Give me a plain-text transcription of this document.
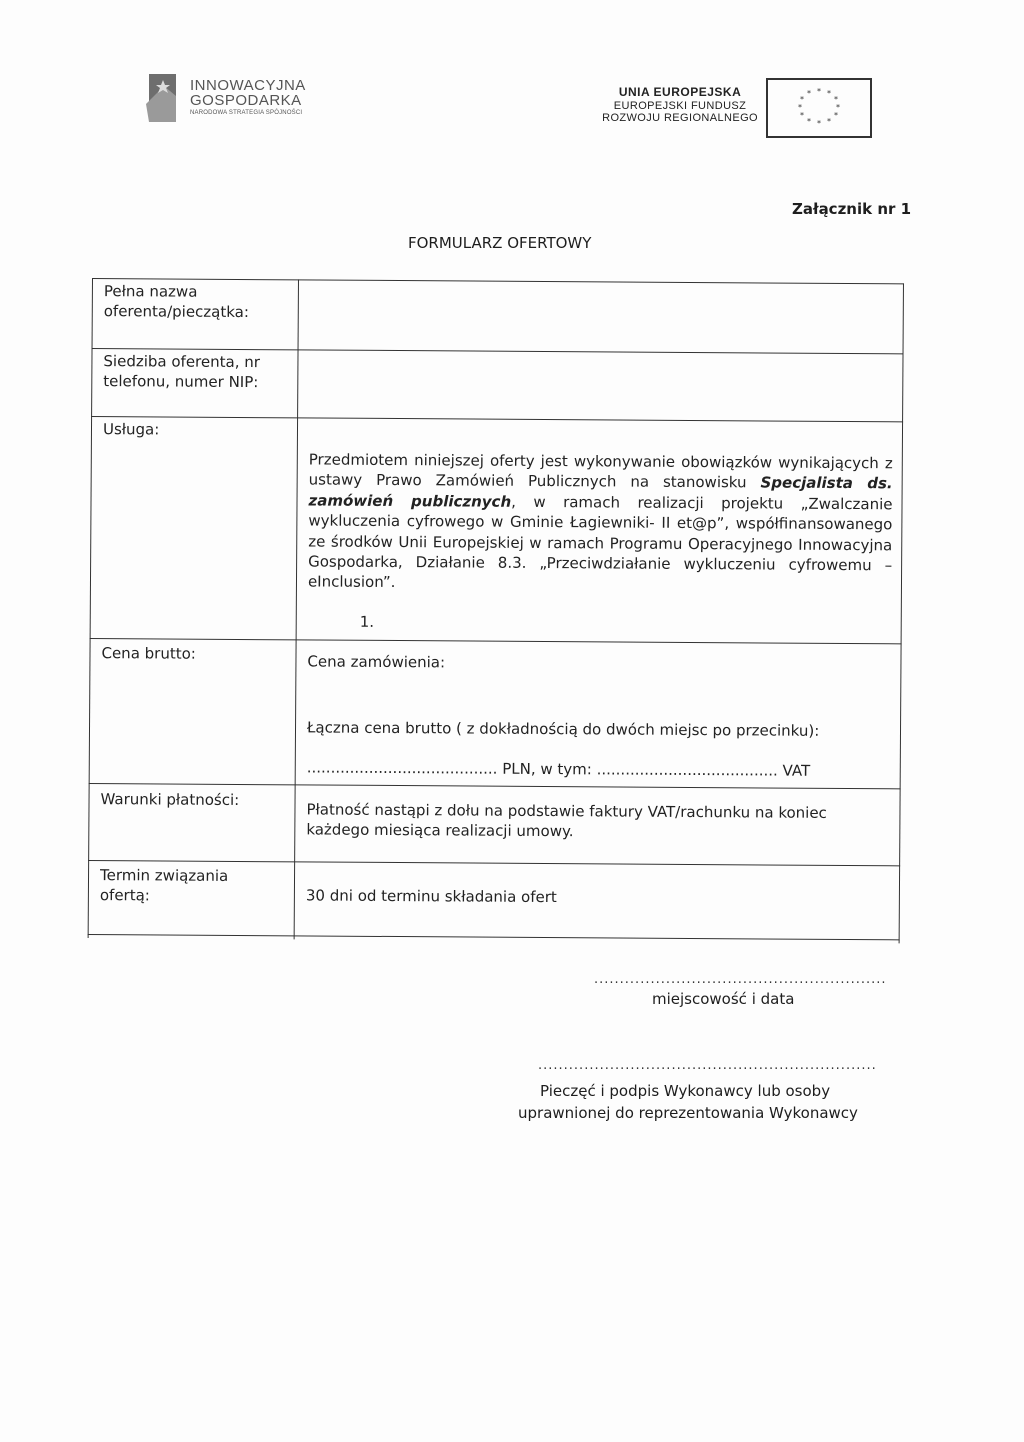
INNOWACYJNA
GOSPODARKA
NARODOWA STRATEGIA SPÓJNOŚCI
UNIA EUROPEJSKA
EUROPEJSKI FUNDUSZ
ROZWOJU REGIONALNEGO
* *
*
*
*
*
*
*
*
*
*
*
Załącznik nr 1
FORMULARZ OFERTOWY
Pełna nazwa oferenta/pieczątka:
Siedziba oferenta, nr telefonu, numer NIP:
Usługa:
Przedmiotem niniejszej oferty jest wykonywanie obowiązków wynikających z ustawy Prawo Zamówień Publicznych na stanowisku Specjalista ds. zamówień publicznych, w ramach realizacji projektu „Zwalczanie wykluczenia cyfrowego w Gminie Łagiewniki- II et@p”, współfinansowanego ze środków Unii Europejskiej w ramach Programu Operacyjnego Innowacyjna Gospodarka, Działanie 8.3. „Przeciwdziałanie wykluczeniu cyfrowemu – eInclusion”.
1.
Cena brutto:	Cena zamówienia:
Łączna cena brutto ( z dokładnością do dwóch miejsc po przecinku):
........................................ PLN, w tym: ...................................... VAT
Warunki płatności:
Płatność nastąpi z dołu na podstawie faktury VAT/rachunku na koniec każdego miesiąca realizacji umowy.
Termin związania ofertą:	30 dni od terminu składania ofert
.........................................................
miejscowość i data
..................................................................
Pieczęć i podpis Wykonawcy lub osoby
uprawnionej do reprezentowania Wykonawcy
